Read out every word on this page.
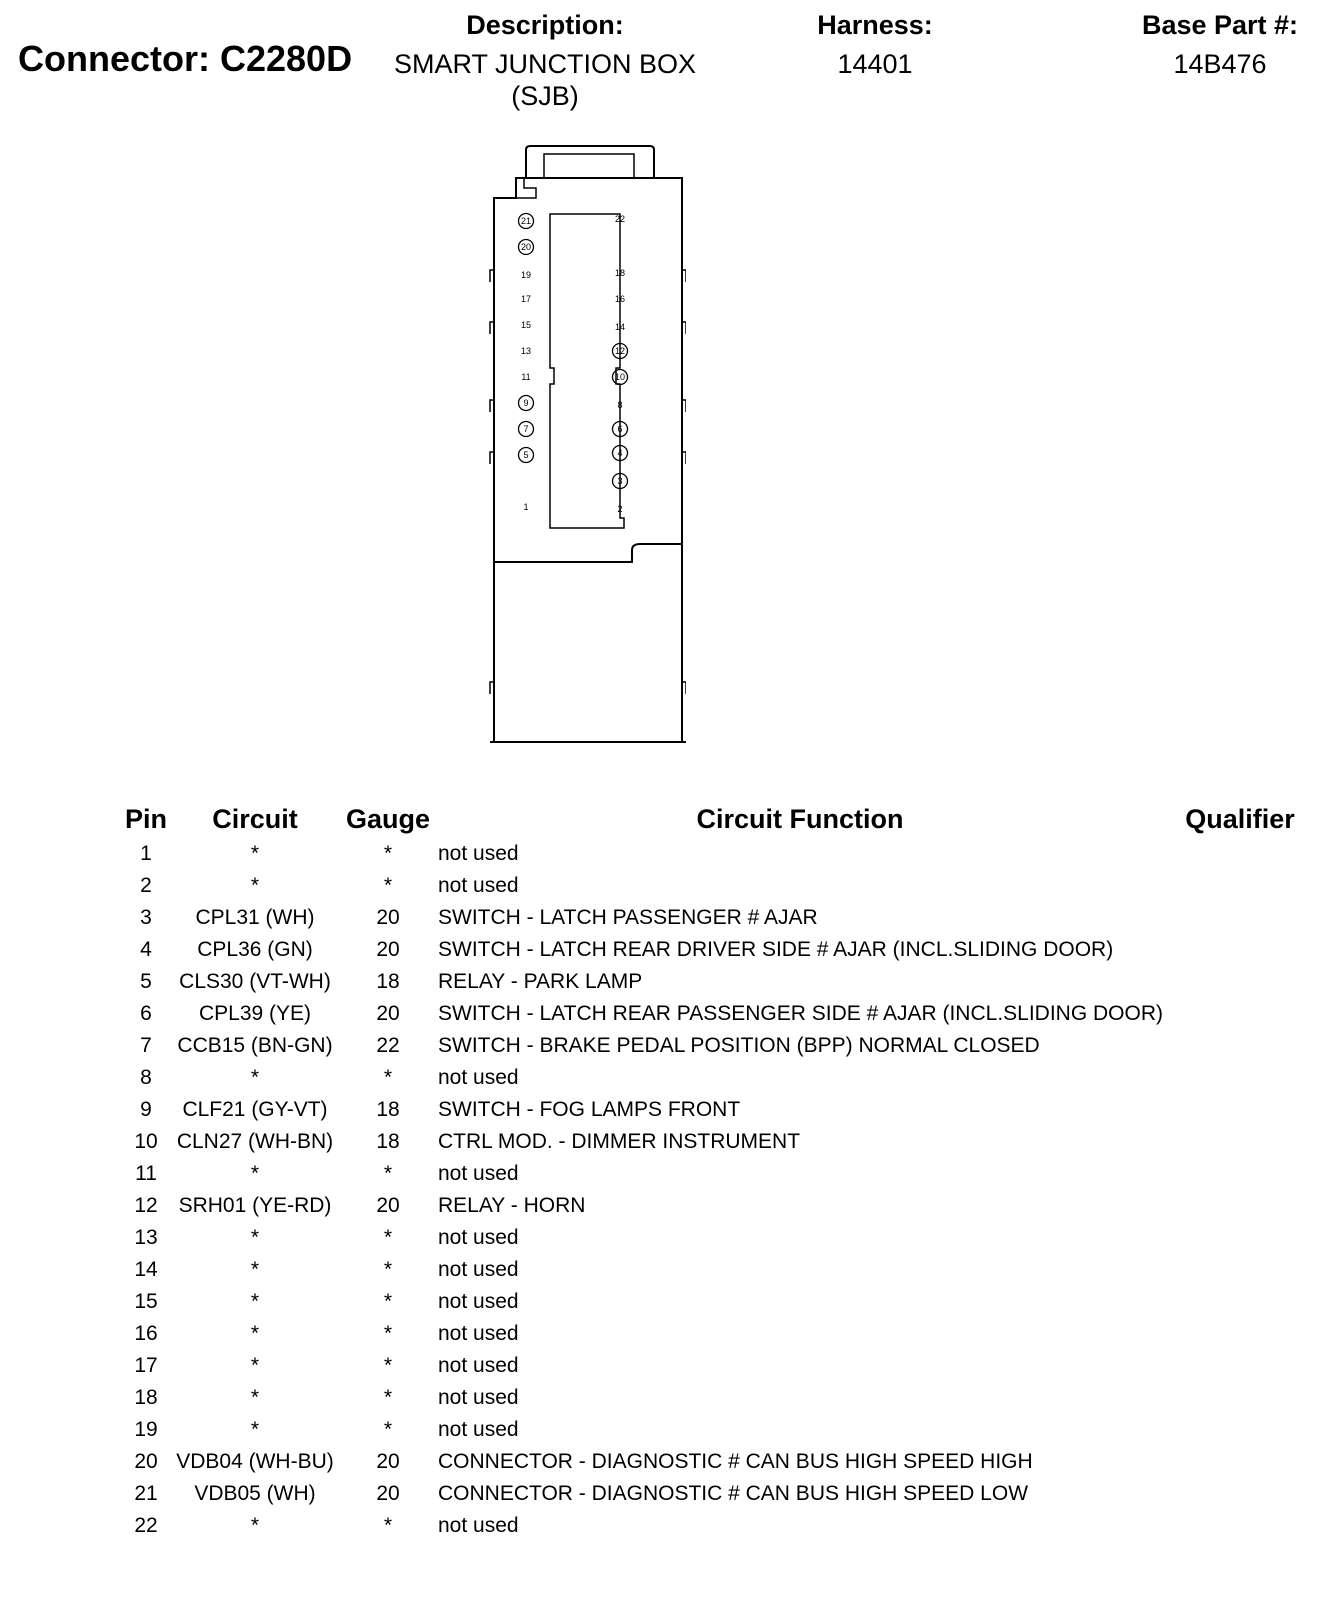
Connector: C2280D
Description:
SMART JUNCTION BOX
(SJB)
Harness:
14401
Base Part #:
14B476
21
20
19
17
15
13
11
9
7
5
1
22
18
16
14
12
10
8
6
4
3
2
Pin	Circuit	Gauge	Circuit Function	Qualifier
1	*	*	not used
2	*	*	not used
3	CPL31 (WH)	20	SWITCH - LATCH PASSENGER # AJAR
4	CPL36 (GN)	20	SWITCH - LATCH REAR DRIVER SIDE # AJAR (INCL.SLIDING DOOR)
5	CLS30 (VT-WH)	18	RELAY - PARK LAMP
6	CPL39 (YE)	20	SWITCH - LATCH REAR PASSENGER SIDE # AJAR (INCL.SLIDING DOOR)
7	CCB15 (BN-GN)	22	SWITCH - BRAKE PEDAL POSITION (BPP) NORMAL CLOSED
8	*	*	not used
9	CLF21 (GY-VT)	18	SWITCH - FOG LAMPS FRONT
10 CLN27 (WH-BN)	18	CTRL MOD. - DIMMER INSTRUMENT
11	*	*	not used
12 SRH01 (YE-RD)	20	RELAY - HORN
13	*	*	not used
14	*	*	not used
15	*	*	not used
16	*	*	not used
17	*	*	not used
18	*	*	not used
19	*	*	not used
20 VDB04 (WH-BU)	20	CONNECTOR - DIAGNOSTIC # CAN BUS HIGH SPEED HIGH
21	VDB05 (WH)	20	CONNECTOR - DIAGNOSTIC # CAN BUS HIGH SPEED LOW
22	*	*	not used
